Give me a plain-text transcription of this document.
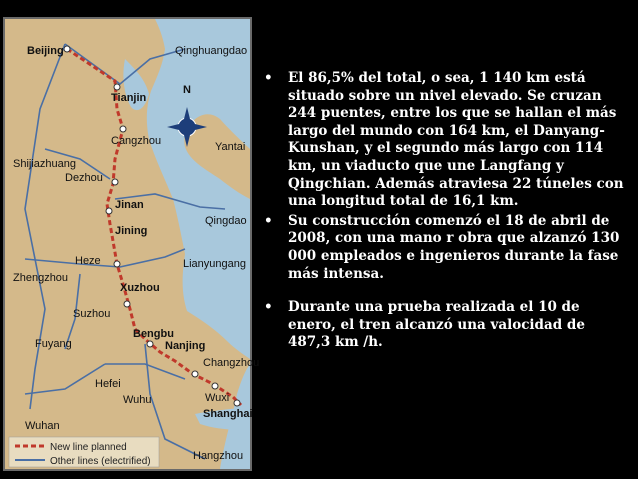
N
Beijing	Qinghuangdao
Tianjin
Cangzhou	Yantai
Shijiazhuang
Dezhou
Jinan
Qingdao
Jining
Heze	Lianyungang
Zhengzhou
Xuzhou
Suzhou
Bengbu
Fuyang	Nanjing
Changzhou
Hefei
Wuhu	Wuxi
Shanghai
Wuhan
Hangzhou
New line planned
Other lines (electrified)

• El 86,5% del total, o sea, 1 140 km está situado sobre un nivel elevado. Se cruzan 244 puentes, entre los que se hallan el más largo del mundo con 164 km, el Danyang-Kunshan, y el segundo más largo con 114 km, un viaducto que une Langfang y Qingchian. Además atraviesa 22 túneles con una longitud total de 16,1 km.

• Su construcción comenzó el 18 de abril de 2008, con una mano r obra que alzanzó 130 000 empleados e ingenieros durante la fase más intensa.

• Durante una prueba realizada el 10 de enero, el tren alcanzó una valocidad de 487,3 km /h.
